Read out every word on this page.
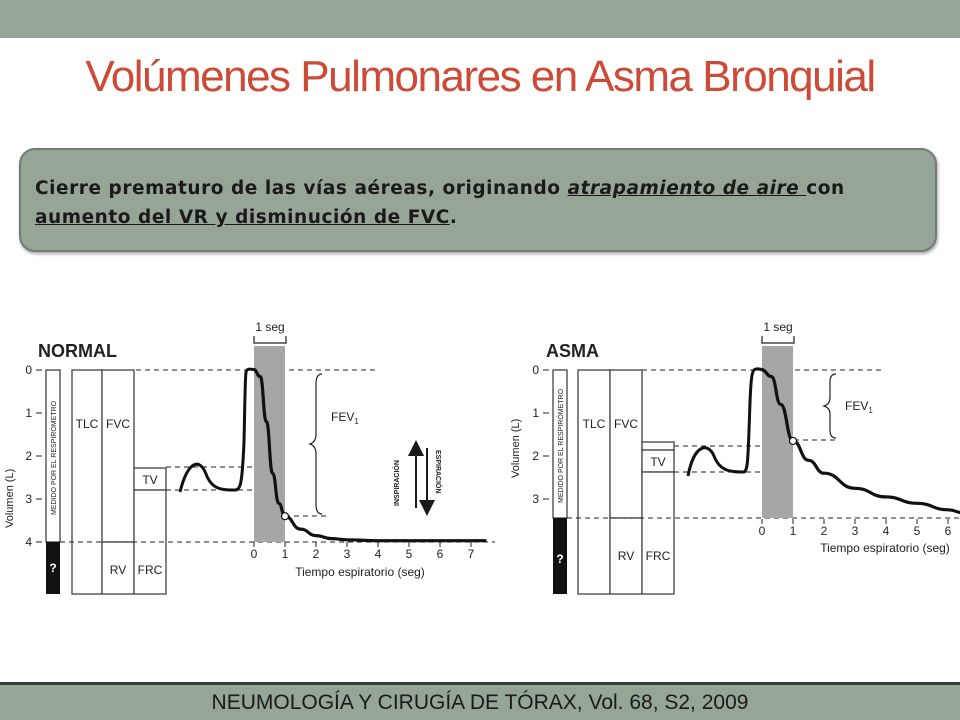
Volúmenes Pulmonares en Asma Bronquial
Cierre prematuro de las vías aéreas, originando atrapamiento de aire con aumento del VR y disminución de FVC.
NORMAL
Volumen (L)
0
1
2
3
4
?
MEDIDO POR EL RESPIRÓMETRO TLC FVC
RV
TV
FRC
1 seg
$FEV_1$
INSPIRACIÓN	ESPIRACIÓN
0 1 2 3 4 5 6 7
Tiempo espiratorio (seg)
ASMA
Volumen (L)
0
1
2
3
?
MEDIDO POR EL RESPIRÓMETRO TLC FVC
RV
TV
FRC
1 seg
$FEV_1$
0 1 2 3 4 5 6
Tiempo espiratorio (seg)
NEUMOLOGÍA Y CIRUGÍA DE TÓRAX, Vol. 68, S2, 2009
